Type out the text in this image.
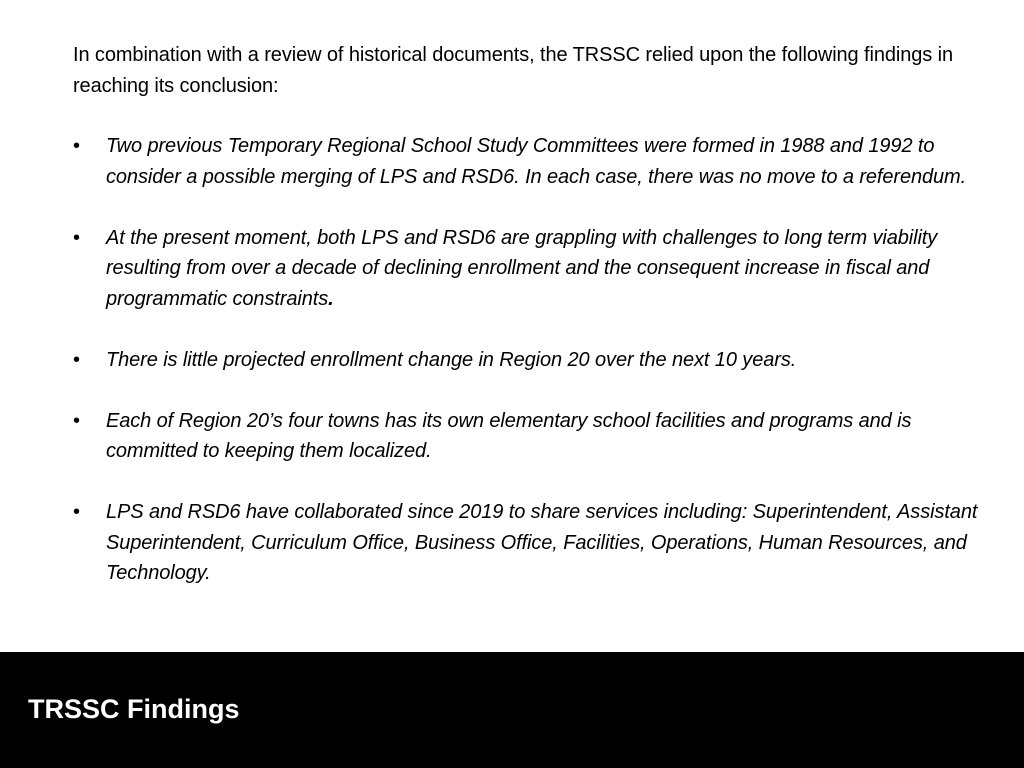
In combination with a review of historical documents, the TRSSC relied upon the following findings in reaching its conclusion:

• Two previous Temporary Regional School Study Committees were formed in 1988 and 1992 to consider a possible merging of LPS and RSD6. In each case, there was no move to a referendum.
• At the present moment, both LPS and RSD6 are grappling with challenges to long term viability resulting from over a decade of declining enrollment and the consequent increase in fiscal and programmatic constraints.
• There is little projected enrollment change in Region 20 over the next 10 years.
• Each of Region 20’s four towns has its own elementary school facilities and programs and is committed to keeping them localized.
• LPS and RSD6 have collaborated since 2019 to share services including: Superintendent, Assistant Superintendent, Curriculum Office, Business Office, Facilities, Operations, Human Resources, and Technology.
TRSSC Findings
